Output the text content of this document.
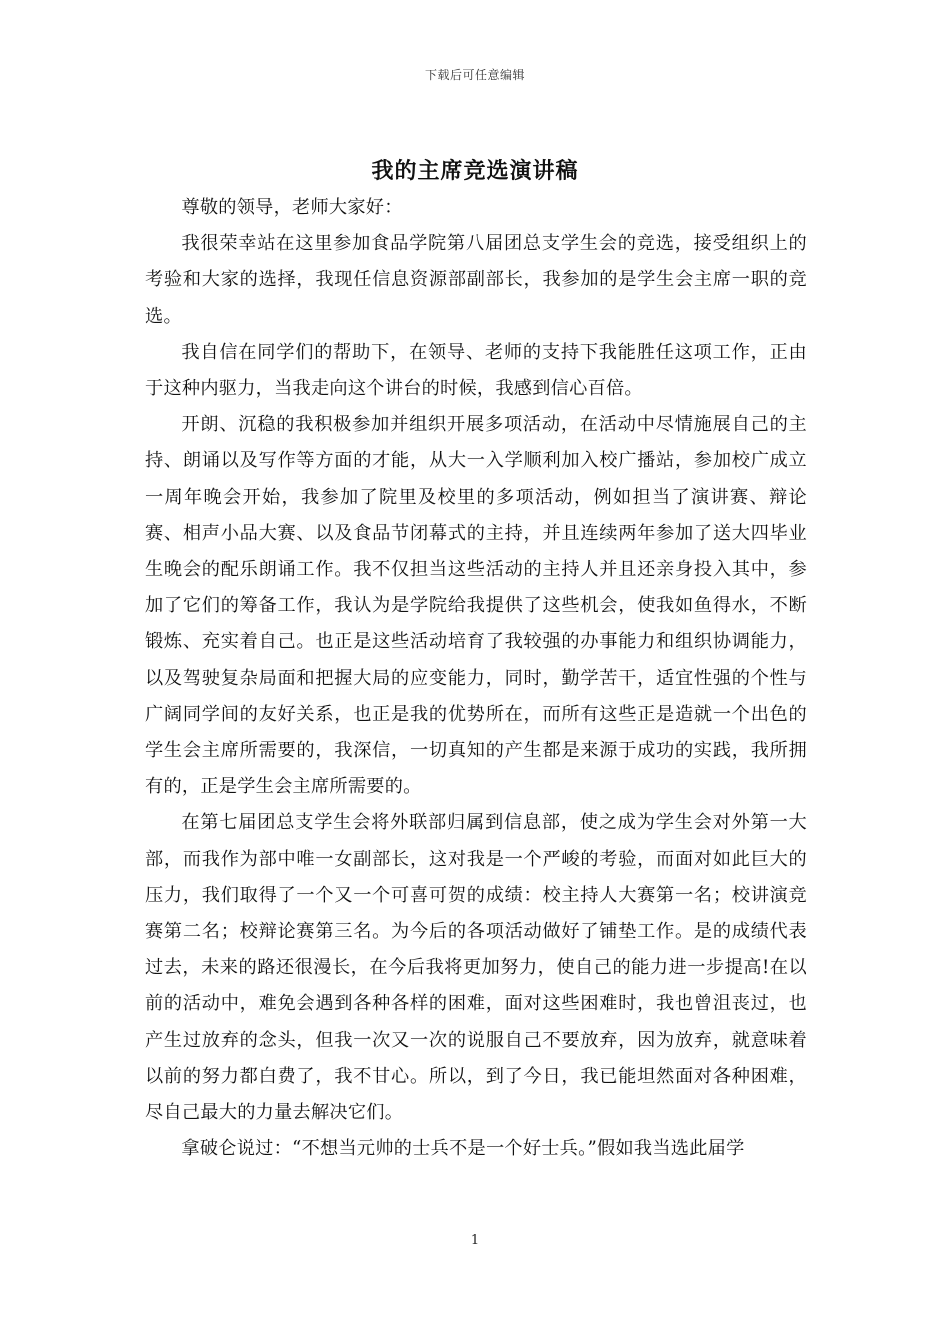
下载后可任意编辑
我的主席竞选演讲稿

尊敬的领导，老师大家好：

我很荣幸站在这里参加食品学院第八届团总支学生会的竞选，接受组织上的考验和大家的选择，我现任信息资源部副部长，我参加的是学生会主席一职的竞选。

我自信在同学们的帮助下，在领导、老师的支持下我能胜任这项工作，正由于这种内驱力，当我走向这个讲台的时候，我感到信心百倍。

开朗、沉稳的我积极参加并组织开展多项活动，在活动中尽情施展自己的主持、朗诵以及写作等方面的才能，从大一入学顺利加入校广播站，参加校广成立一周年晚会开始，我参加了院里及校里的多项活动，例如担当了演讲赛、辩论赛、相声小品大赛、以及食品节闭幕式的主持，并且连续两年参加了送大四毕业生晚会的配乐朗诵工作。我不仅担当这些活动的主持人并且还亲身投入其中，参加了它们的筹备工作，我认为是学院给我提供了这些机会，使我如鱼得水，不断锻炼、充实着自己。也正是这些活动培育了我较强的办事能力和组织协调能力，以及驾驶复杂局面和把握大局的应变能力，同时，勤学苦干，适宜性强的个性与广阔同学间的友好关系，也正是我的优势所在，而所有这些正是造就一个出色的学生会主席所需要的，我深信，一切真知的产生都是来源于成功的实践，我所拥有的，正是学生会主席所需要的。

在第七届团总支学生会将外联部归属到信息部，使之成为学生会对外第一大部，而我作为部中唯一女副部长，这对我是一个严峻的考验，而面对如此巨大的压力，我们取得了一个又一个可喜可贺的成绩：校主持人大赛第一名；校讲演竞赛第二名；校辩论赛第三名。为今后的各项活动做好了铺垫工作。是的成绩代表过去，未来的路还很漫长，在今后我将更加努力，使自己的能力进一步提高!在以前的活动中，难免会遇到各种各样的困难，面对这些困难时，我也曾沮丧过，也产生过放弃的念头，但我一次又一次的说服自己不要放弃，因为放弃，就意味着以前的努力都白费了，我不甘心。所以，到了今日，我已能坦然面对各种困难，尽自己最大的力量去解决它们。

拿破仑说过：“不想当元帅的士兵不是一个好士兵。”假如我当选此届学

1
